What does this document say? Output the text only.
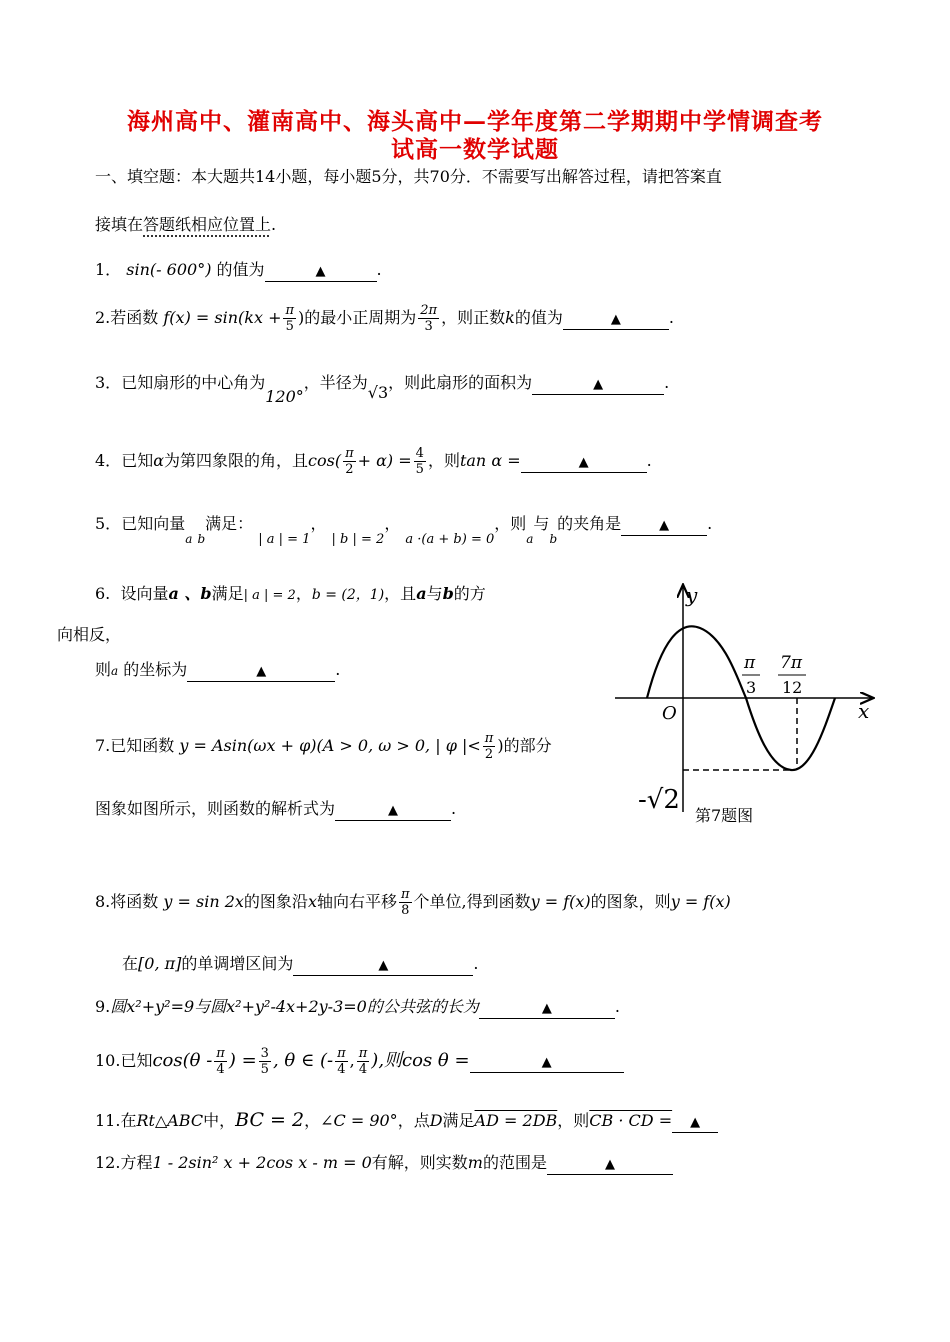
海州高中、灌南高中、海头高中—学年度第二学期期中学情调查考
试高一数学试题
一、填空题：本大题共14小题，每小题5分，共70分．不需要写出解答过程，请把答案直
接填在答题纸相应位置上.
1． sin(- 600°) 的值为	▲	.
2.若函数 $f(x) = \sin(kx + \frac{\pi}{5}$ )的最小正周期为 $\frac{2\pi}{3}$ ，则正数k的值为	▲	.
3．已知扇形的中心角为120°，半径为√3，则此扇形的面积为	▲	.
4．已知α为第四象限的角，且$\cos( \frac{\pi}{2} + \alpha) = \frac{4}{5}$ ，则tan α =	▲	.
5．已知向量$_a$ $_b$满足： $_{| a | = 1}$， $_{| b | = 2}$， $_{a \cdot(a + b) = 0}$，则$_a$与$_b$的夹角是	▲ .
6. 设向量a 、b满足| a | = 2，b = (2，1)，且a与b的方
向相反，
则a 的坐标为	▲	.
7.已知函数 y = Asin(ωx + φ)(A > 0, ω > 0, | φ |< $\frac{\pi}{2}$ )的部分
图象如图所示，则函数的解析式为	▲	.
y
x
O
π
3
7π
12
-√2
第7题图
8.将函数 y = sin 2x的图象沿x轴向右平移 $\frac{\pi}{8}$ 个单位,得到函数y = f(x)的图象，则y = f(x)
在[0, π]的单调增区间为	▲	.
9.圆x²+y²=9与圆x²+y²-4x+2y-3=0的公共弦的长为	▲	.
10.已知$\cos(\theta - \frac{\pi}{4}$ ) = $\frac{3}{5}$ , θ ∈ (- $\frac{\pi}{4}$ , $\frac{\pi}{4}$ ),则cos θ =	▲
11.在Rt△ABC中，BC = 2，∠C = 90°，点D满足AD = 2DB，则CB · CD = ▲
12.方程1 - 2sin² x + 2cos x - m = 0有解，则实数m的范围是	▲
